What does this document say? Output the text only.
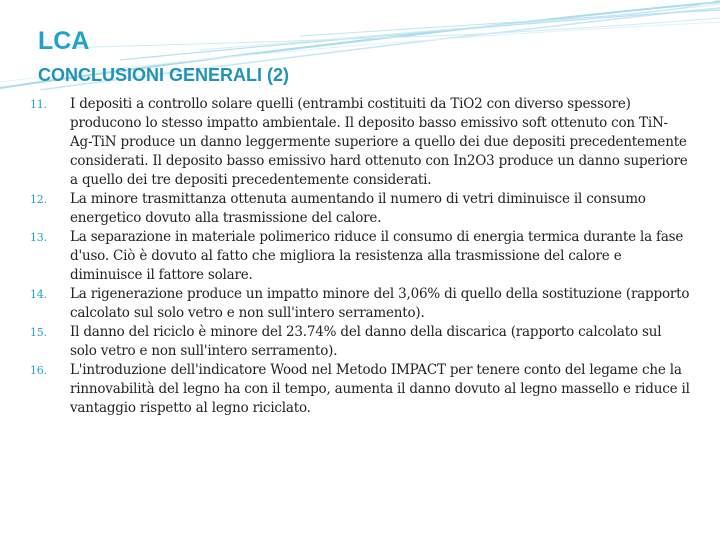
LCA
CONCLUSIONI GENERALI (2)
11.	I depositi a controllo solare quelli (entrambi costituiti da TiO2 con diverso spessore) producono lo stesso impatto ambientale. Il deposito basso emissivo soft ottenuto con TiN-Ag-TiN produce un danno leggermente superiore a quello dei due depositi precedentemente considerati. Il deposito basso emissivo hard ottenuto con In2O3 produce un danno superiore a quello dei tre depositi precedentemente considerati.
12.	La minore trasmittanza ottenuta aumentando il numero di vetri diminuisce il consumo energetico dovuto alla trasmissione del calore.
13.	La separazione in materiale polimerico riduce il consumo di energia termica durante la fase d'uso. Ciò è dovuto al fatto che migliora la resistenza alla trasmissione del calore e diminuisce il fattore solare.
14.	La rigenerazione produce un impatto minore del 3,06% di quello della sostituzione (rapporto calcolato sul solo vetro e non sull'intero serramento).
15.	Il danno del riciclo è minore del 23.74% del danno della discarica (rapporto calcolato sul solo vetro e non sull'intero serramento).
16.	L'introduzione dell'indicatore Wood nel Metodo IMPACT per tenere conto del legame che la rinnovabilità del legno ha con il tempo, aumenta il danno dovuto al legno massello e riduce il vantaggio rispetto al legno riciclato.
